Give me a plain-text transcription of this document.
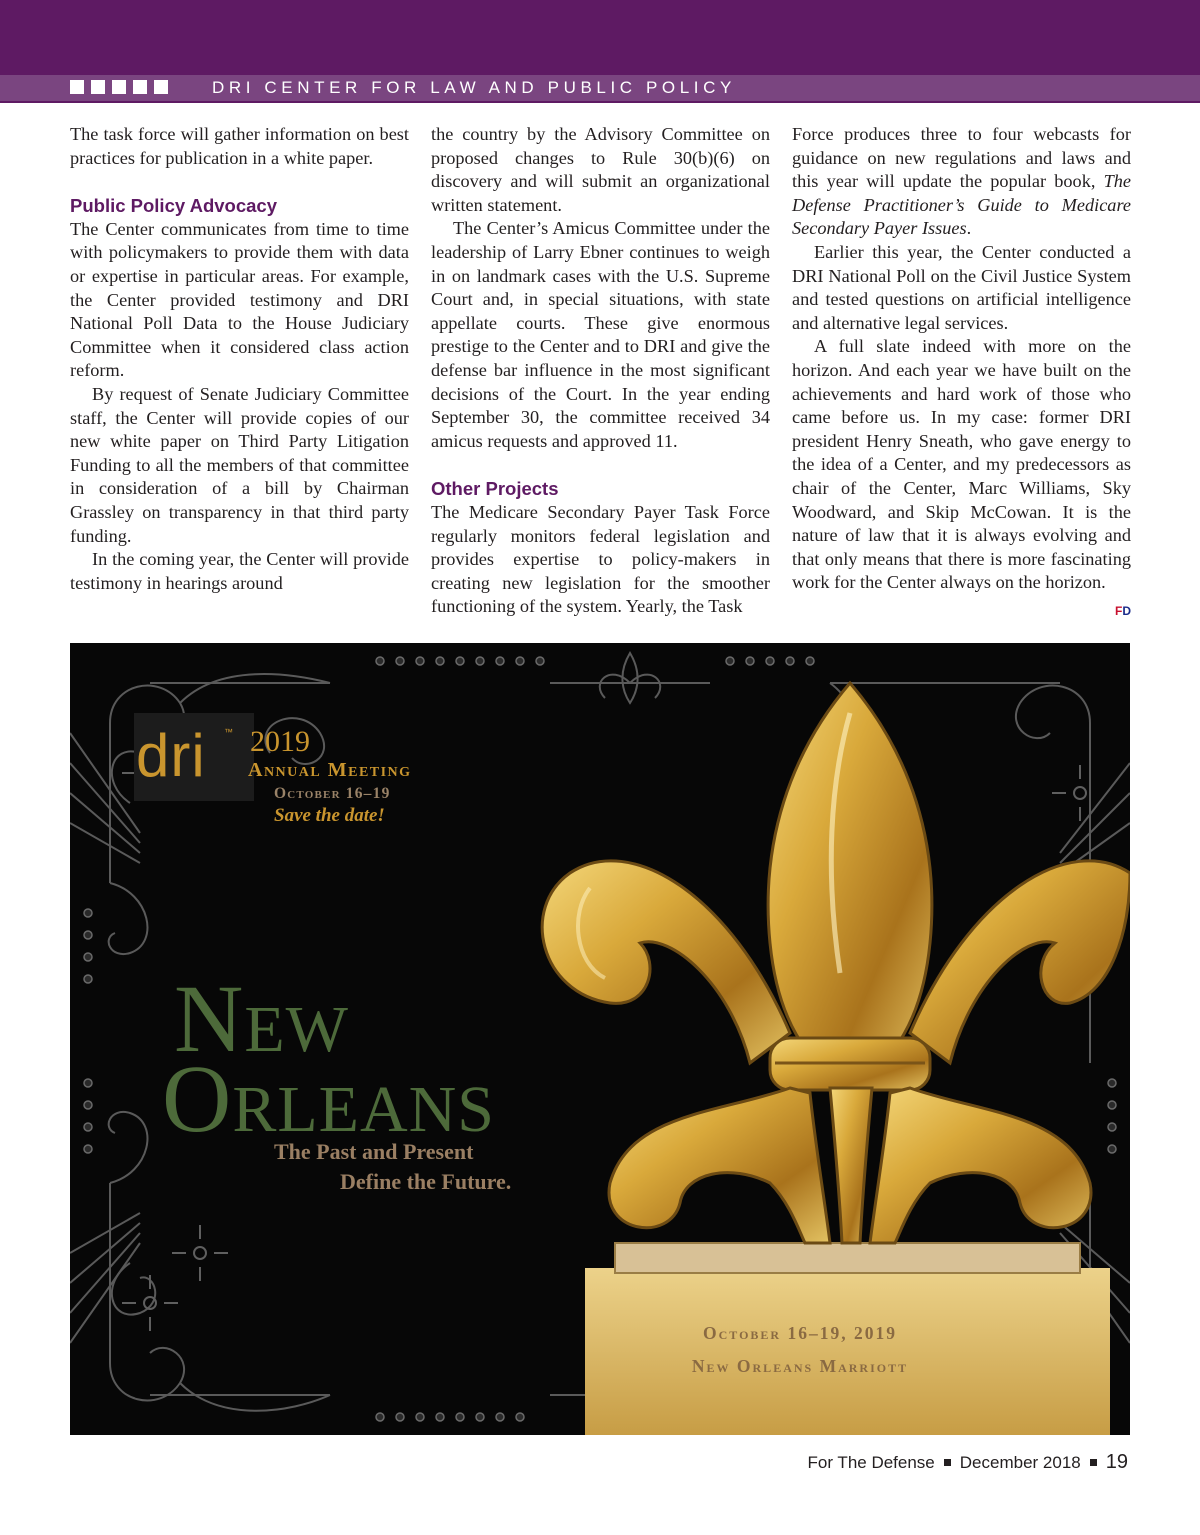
DRI CENTER FOR LAW AND PUBLIC POLICY

The task force will gather information on best practices for publication in a white paper.

Public Policy Advocacy

The Center communicates from time to time with policymakers to provide them with data or expertise in particular areas. For example, the Center provided testimony and DRI National Poll Data to the House Judiciary Committee when it considered class action reform.

By request of Senate Judiciary Committee staff, the Center will provide copies of our new white paper on Third Party Litigation Funding to all the members of that committee in consideration of a bill by Chairman Grassley on transparency in that third party funding.

In the coming year, the Center will provide testimony in hearings around

the country by the Advisory Committee on proposed changes to Rule 30(b)(6) on discovery and will submit an organizational written statement.

The Center’s Amicus Committee under the leadership of Larry Ebner continues to weigh in on landmark cases with the U.S. Supreme Court and, in special situations, with state appellate courts. These give enormous prestige to the Center and to DRI and give the defense bar influence in the most significant decisions of the Court. In the year ending September 30, the committee received 34 amicus requests and approved 11.

Other Projects

The Medicare Secondary Payer Task Force regularly monitors federal legislation and provides expertise to policy-makers in creating new legislation for the smoother functioning of the system. Yearly, the Task

Force produces three to four webcasts for guidance on new regulations and laws and this year will update the popular book, The Defense Practitioner’s Guide to Medicare Secondary Payer Issues.

Earlier this year, the Center conducted a DRI National Poll on the Civil Justice System and tested questions on artificial intelligence and alternative legal services.

A full slate indeed with more on the horizon. And each year we have built on the achievements and hard work of those who came before us. In my case: former DRI president Henry Sneath, who gave energy to the idea of a Center, and my predecessors as chair of the Center, Marc Williams, Sky Woodward, and Skip McCowan. It is the nature of law that it is always evolving and that only means that there is more fascinating work for the Center always on the horizon.
FD

dri ™ 2019
Annual Meeting
October 16–19
Save the date!
NEW
ORLEANS
The Past and Present
Define the Future.
October 16–19, 2019
New Orleans Marriott
For The Defense December 2018 19
